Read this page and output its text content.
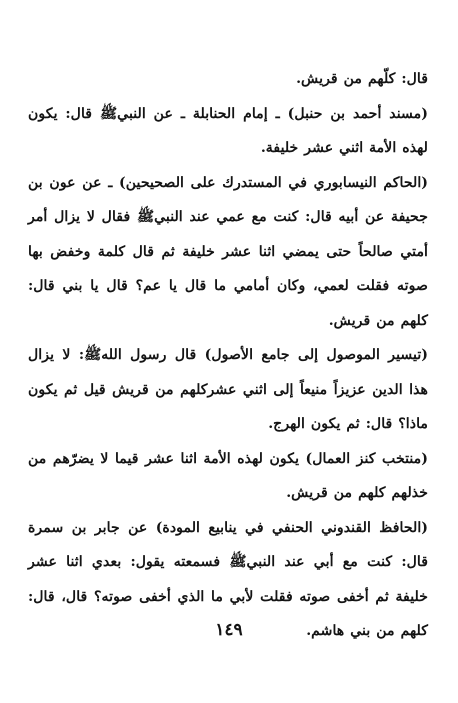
قال: كلّهم من قريش.

(مسند أحمد بن حنبل) ـ إمام الحنابلة ـ عن النبيﷺ قال: يكون لهذه الأمة اثني عشر خليفة.

(الحاكم النيسابوري في المستدرك على الصحيحين) ـ عن عون بن جحيفة عن أبيه قال: كنت مع عمي عند النبيﷺ فقال لا يزال أمر أمتي صالحاً حتى يمضي اثنا عشر خليفة ثم قال كلمة وخفض بها صوته فقلت لعمي، وكان أمامي ما قال يا عم؟ قال يا بني قال: كلهم من قريش.

(تيسير الموصول إلى جامع الأصول) قال رسول اللهﷺ: لا يزال هذا الدين عزيزاً منيعاً إلى اثني عشركلهم من قريش قيل ثم يكون ماذا؟ قال: ثم يكون الهرج.

(منتخب كنز العمال) يكون لهذه الأمة اثنا عشر قيما لا يضرّهم من خذلهم كلهم من قريش.

(الحافظ القندوني الحنفي في ينابيع المودة) عن جابر بن سمرة قال: كنت مع أبي عند النبيﷺ فسمعته يقول: بعدي اثنا عشر خليفة ثم أخفى صوته فقلت لأبي ما الذي أخفى صوته؟ قال، قال: كلهم من بني هاشم.

١٤٩
